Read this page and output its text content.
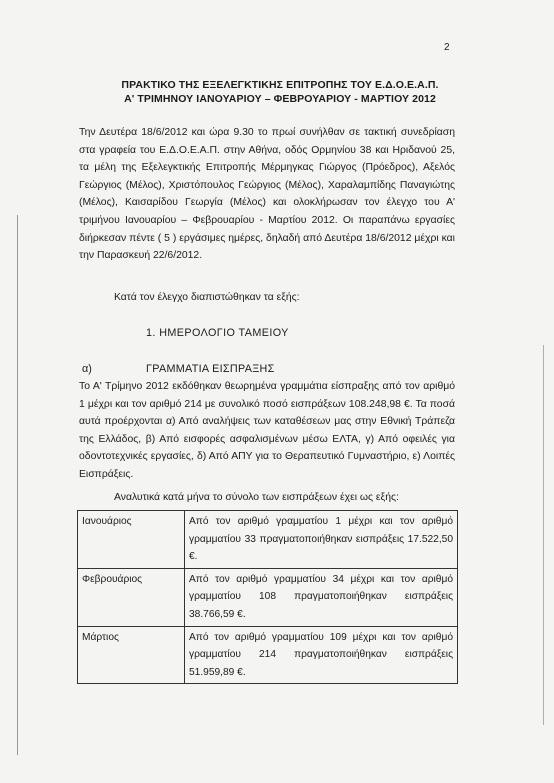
2
ΠΡΑΚΤΙΚΟ ΤΗΣ ΕΞΕΛΕΓΚΤΙΚΗΣ ΕΠΙΤΡΟΠΗΣ ΤΟΥ Ε.Δ.Ο.Ε.Α.Π.
Α' ΤΡΙΜΗΝΟΥ ΙΑΝΟΥΑΡΙΟΥ – ΦΕΒΡΟΥΑΡΙΟΥ - ΜΑΡΤΙΟΥ 2012
Την Δευτέρα 18/6/2012 και ώρα 9.30 το πρωί συνήλθαν σε τακτική συνεδρίαση στα γραφεία του Ε.Δ.Ο.Ε.Α.Π. στην Αθήνα, οδός Ορμηνίου 38 και Ηριδανού 25, τα μέλη της Εξελεγκτικής Επιτροπής Μέρμηγκας Γιώργος (Πρόεδρος), Αξελός Γεώργιος (Μέλος), Χριστόπουλος Γεώργιος (Μέλος), Χαραλαμπίδης Παναγιώτης (Μέλος), Καισαρίδου Γεωργία (Μέλος) και ολοκλήρωσαν τον έλεγχο του Α' τριμήνου Ιανουαρίου – Φεβρουαρίου - Μαρτίου 2012. Οι παραπάνω εργασίες διήρκεσαν πέντε ( 5 ) εργάσιμες ημέρες, δηλαδή από Δευτέρα 18/6/2012 μέχρι και την Παρασκευή 22/6/2012.
Κατά τον έλεγχο διαπιστώθηκαν τα εξής:
1. ΗΜΕΡΟΛΟΓΙΟ ΤΑΜΕΙΟΥ
α)	ΓΡΑΜΜΑΤΙΑ ΕΙΣΠΡΑΞΗΣ
Το Α' Τρίμηνο 2012 εκδόθηκαν θεωρημένα γραμμάτια είσπραξης από τον αριθμό 1 μέχρι και τον αριθμό 214 με συνολικό ποσό εισπράξεων 108.248,98 €. Τα ποσά αυτά προέρχονται α) Από αναλήψεις των καταθέσεων μας στην Εθνική Τράπεζα της Ελλάδος, β) Από εισφορές ασφαλισμένων μέσω ΕΛΤΑ, γ) Από οφειλές για οδοντοτεχνικές εργασίες, δ) Από ΑΠΥ για το Θεραπευτικό Γυμναστήριο, ε) Λοιπές Εισπράξεις.
Αναλυτικά κατά μήνα το σύνολο των εισπράξεων έχει ως εξής:
Ιανουάριος	Από τον αριθμό γραμματίου 1 μέχρι και τον αριθμό γραμματίου 33 πραγματοποιήθηκαν εισπράξεις 17.522,50 €.
Φεβρουάριος	Από τον αριθμό γραμματίου 34 μέχρι και τον αριθμό γραμματίου 108 πραγματοποιήθηκαν εισπράξεις 38.766,59 €.
Μάρτιος	Από τον αριθμό γραμματίου 109 μέχρι και τον αριθμό γραμματίου 214 πραγματοποιήθηκαν εισπράξεις 51.959,89 €.
